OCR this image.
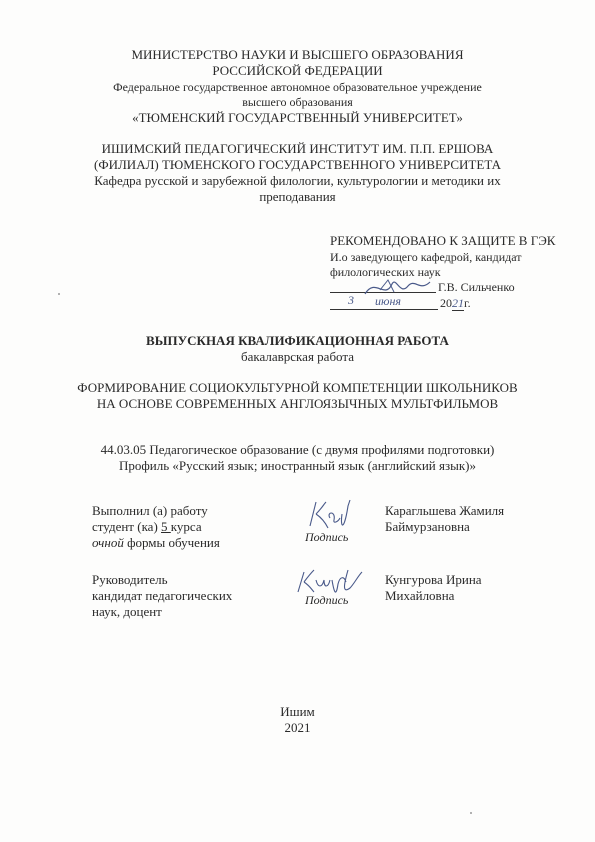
МИНИСТЕРСТВО НАУКИ И ВЫСШЕГО ОБРАЗОВАНИЯ
РОССИЙСКОЙ ФЕДЕРАЦИИ
Федеральное государственное автономное образовательное учреждение
высшего образования
«ТЮМЕНСКИЙ ГОСУДАРСТВЕННЫЙ УНИВЕРСИТЕТ»
ИШИМСКИЙ ПЕДАГОГИЧЕСКИЙ ИНСТИТУТ ИМ. П.П. ЕРШОВА
(ФИЛИАЛ) ТЮМЕНСКОГО ГОСУДАРСТВЕННОГО УНИВЕРСИТЕТА
Кафедра русской и зарубежной филологии, культурологии и методики их
преподавания
РЕКОМЕНДОВАНО К ЗАЩИТЕ В ГЭК
И.о заведующего кафедрой, кандидат
филологических наук
Г.В. Сильченко
3 июня	2021г.
ВЫПУСКНАЯ КВАЛИФИКАЦИОННАЯ РАБОТА
бакалаврская работа
ФОРМИРОВАНИЕ СОЦИОКУЛЬТУРНОЙ КОМПЕТЕНЦИИ ШКОЛЬНИКОВ
НА ОСНОВЕ СОВРЕМЕННЫХ АНГЛОЯЗЫЧНЫХ МУЛЬТФИЛЬМОВ
44.03.05 Педагогическое образование (с двумя профилями подготовки)
Профиль «Русский язык; иностранный язык (английский язык)»
Выполнил (а) работу
студент (ка) 5 курса
очной формы обучения
Кар
Подпись
Карагльшева Жамиля
Баймурзановна
Руководитель
кандидат педагогических
наук, доцент
Подпись
Кунгурова Ирина
Михайловна
Ишим
2021
